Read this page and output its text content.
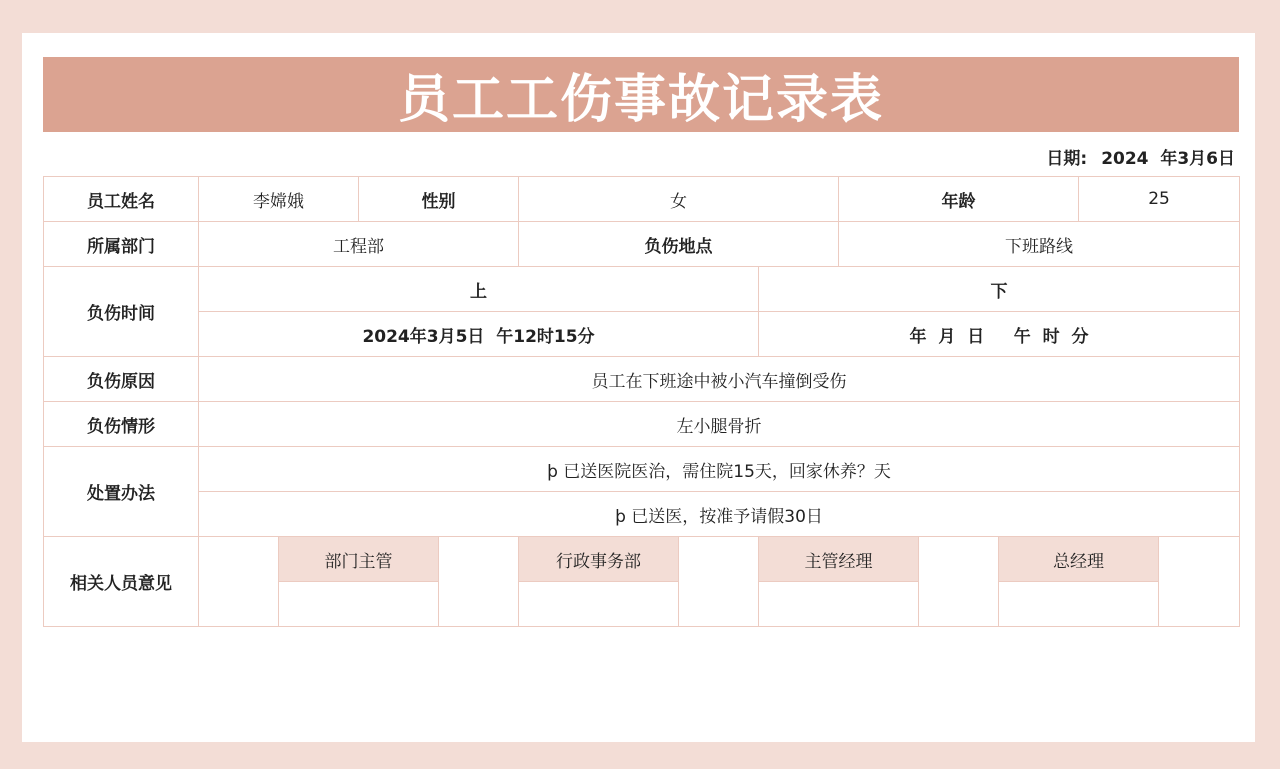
员工工伤事故记录表
日期: 2024  年3月6日
员工姓名	李嫦娥		性别		女			年龄			25	
所属部门	工程部				负伤地点			下班路线				
负伤时间	上						下					
	2024年3月5日  午12时15分						年  月  日     午  时  分					
负伤原因	员工在下班途中被小汽车撞倒受伤											
负伤情形	左小腿骨折											
处置办法	þ 已送医院医治，需住院15天，回家休养？天											
	þ 已送医，按准予请假30日											
相关人员意见		部门主管			行政事务部		主管经理			总经理		
